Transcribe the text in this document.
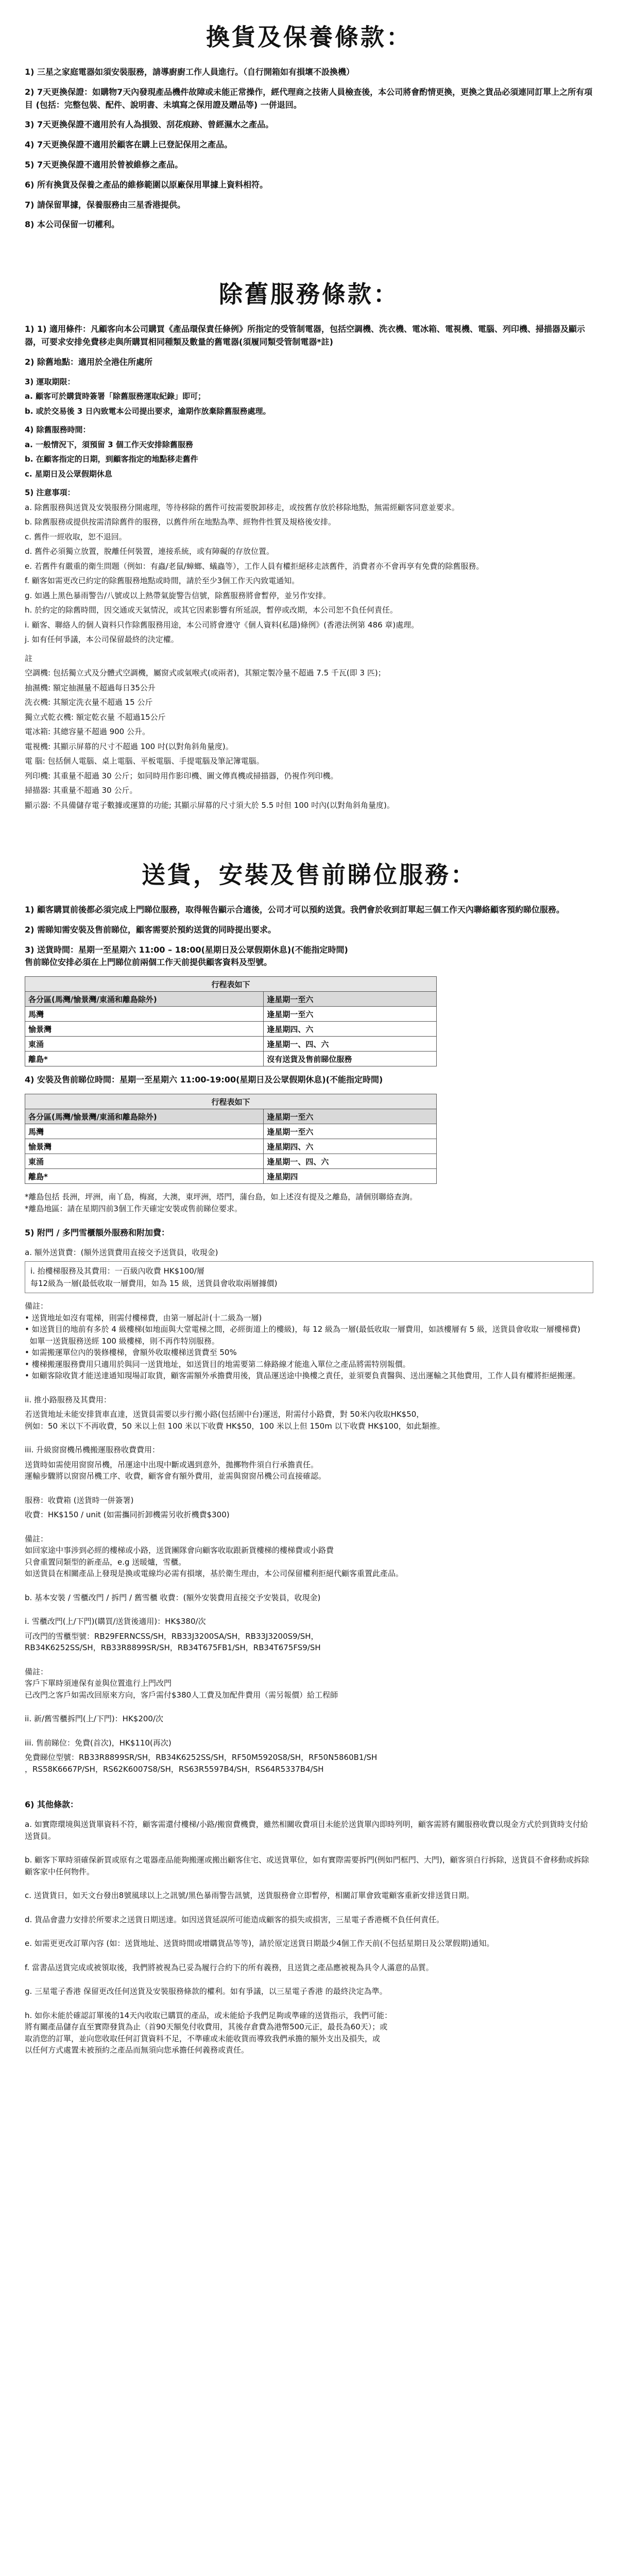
換貨及保養條款：

1) 三星之家庭電器如須安裝服務，請導廚廚工作人員進行。（自行開箱如有損壞不設換機）

2) 7天更換保證：如購物7天內發現產品機件故障或未能正常操作，經代理商之技術人員檢查後，本公司將會酌情更換，更換之貨品必須連同訂單上之所有項目 (包括：完整包裝、配件、說明書、未填寫之保用證及贈品等) 一併退回。

3) 7天更換保證不適用於有人為損毀、刮花痕跡、曾經濕水之產品。

4) 7天更換保證不適用於顧客在購上已登記保用之產品。

5) 7天更換保證不適用於曾被維修之產品。

6) 所有換貨及保養之產品的維修範圍以原廠保用單據上資料相符。

7) 請保留單據，保養服務由三星香港提供。

8) 本公司保留一切權利。

除舊服務條款：

1) 1) 適用條件：凡顧客向本公司購買《產品環保責任條例》所指定的受管制電器，包括空調機、洗衣機、電冰箱、電視機、電腦、列印機、掃描器及顯示器，可要求安排免費移走與所購買相同種類及數量的舊電器(須履同類受管制電器*註)

2) 除舊地點：適用於全港住所處所

3) 運取期限：

a. 顧客可於購貨時簽署「除舊服務運取紀錄」即可；

b. 或於交易後 3 日內致電本公司提出要求，逾期作放棄除舊服務處理。

4) 除舊服務時間：

a. 一般情況下，須預留 3 個工作天安排除舊服務

b. 在顧客指定的日期，到顧客指定的地點移走舊件

c. 星期日及公眾假期休息

5) 注意事項：

a. 除舊服務與送貨及安裝服務分開處理，等待移除的舊件可按需要脫卸移走，或按舊存放於移除地點，無需經顧客同意並要求。

b. 除舊服務或提供按需清除舊件的服務，以舊件所在地點為準、經物件性質及規格後安排。

c. 舊件一經收取，恕不退回。

d. 舊件必須獨立放置，脫離任何裝置，連接系統，或有障礙的存放位置。

e. 若舊件有嚴重的衛生問題（例如：有蟲/老鼠/蟑螂、蟻蟲等），工作人員有權拒絕移走該舊件，消費者亦不會再享有免費的除舊服務。

f. 顧客如需更改已約定的除舊服務地點或時間，請於至少3個工作天內致電通知。

g. 如遇上黑色暴雨警告/八號或以上熱帶氣旋警告信號，除舊服務將會暫停，並另作安排。

h. 於約定的除舊時間，因交通或天氣情況，或其它因素影響有所延誤，暫停或改期，本公司恕不負任何責任。

i. 顧客、聯絡人的個人資料只作除舊服務用途，本公司將會遵守《個人資料(私隱)條例》(香港法例第 486 章)處理。

j. 如有任何爭議，本公司保留最終的決定權。

註

空調機: 包括獨立式及分體式空調機，屬窗式或氣喉式(或兩者)，其額定製冷量不超過 7.5 千瓦(即 3 匹)；

抽濕機: 額定抽濕量不超過每日35公升

洗衣機: 其額定洗衣量不超過 15 公斤

獨立式乾衣機: 額定乾衣量 不超過15公斤

電冰箱: 其總容量不超過 900 公升。

電視機: 其顯示屏幕的尺寸不超過 100 吋(以對角斜角量度)。

電 腦: 包括個人電腦、桌上電腦、平板電腦、手提電腦及筆記簿電腦。

列印機: 其重量不超過 30 公斤；如同時用作影印機、圖文傳真機或掃描器，仍視作列印機。

掃描器: 其重量不超過 30 公斤。

顯示器: 不具備儲存電子數據或運算的功能; 其顯示屏幕的尺寸須大於 5.5 吋但 100 吋內(以對角斜角量度)。

送貨，安裝及售前睇位服務：

1) 顧客購買前後都必須完成上門睇位服務，取得報告顯示合適後，公司才可以預約送貨。我們會於收到訂單起三個工作天內聯絡顧客預約睇位服務。

2) 需睇知需安裝及售前睇位，顧客需要於預約送貨的同時提出要求。

3) 送貨時間：星期一至星期六 11:00 – 18:00(星期日及公眾假期休息)(不能指定時間)
售前睇位安排必須在上門睇位前兩個工作天前提供顧客資料及型號。

行程表如下	
各分區(馬灣/愉景灣/東涌和離島除外)	逢星期一至六
馬灣	逢星期一至六
愉景灣	逢星期四、六
東涌	逢星期一、四、六
離島*	沒有送貨及售前睇位服務

4) 安裝及售前睇位時間：星期一至星期六 11:00-19:00(星期日及公眾假期休息)(不能指定時間)

行程表如下	
各分區(馬灣/愉景灣/東涌和離島除外)	逢星期一至六
馬灣	逢星期一至六
愉景灣	逢星期四、六
東涌	逢星期一、四、六
離島*	逢星期四

*離島包括 長洲，坪洲，南丫島，梅窩，大澳，東坪洲，塔門，蒲台島，如上述沒有提及之離島，請個別聯絡查詢。
*離島地區：請在星期四前3個工作天確定安裝或售前睇位要求。

5) 附門 / 多門雪櫃額外服務和附加費：

a. 額外送貨費：(額外送貨費用直接交予送貨員，收現金)

i. 抬樓梯服務及其費用：一百級內收費 HK$100/層
每12級為一層(最低收取一層費用，如為 15 級，送貨員會收取兩層據價)

備註：
• 送貨地址如沒有電梯，則需付樓梯費，由第一層起計(十二級為一層)
• 如送貨目的地前有多於 4 級樓梯(如地面與大堂電梯之間，必經街道上的樓級)，每 12 級為一層(最低收取一層費用，如該樓層有 5 級，送貨員會收取一層樓梯費)
如單一送貨服務送經 100 級樓梯，則不再作特別服務。
• 如需搬運單位內的裝修樓梯，會額外收取樓梯送貨費至 50%
• 樓梯搬運服務費用只適用於與同一送貨地址，如送貨目的地需要第二條路線才能進入單位之產品將需特別報價。
• 如顧客除收貨才能送達通知現場訂取貨，顧客需額外承擔費用後，貨品運送途中換樓之責任，並須要負責醫與、送出運輸之其他費用，工作人員有權將拒絕搬運。

ii. 推小路服務及其費用：

若送貨地址未能安排貨車直達，送貨員需要以步行搬小路(包括園中台)運送，附需付小路費，對 50米內收取HK$50，
例如：50 米以下不再收費，50 米以上但 100 米以下收費 HK$50，100 米以上但 150m 以下收費 HK$100，如此類推。

iii. 升級窗窗機吊機搬運服務收費費用：

送貨時如需使用窗窗吊機，吊運途中出現中斷或遇到意外，拋擲物件須自行承擔責任。
運輸步驟將以窗窗吊機工序、收費，顧客會有額外費用，並需與窗窗吊機公司直接確認。

服務：收費箱 (送貨時一併簽署)

收費：HK$150 / unit (如需攜同折卸機需另收折機費$300)

備註：
如回家途中事涉到必經的樓梯或小路，送貨團隊會向顧客收取跟新貨樓梯的樓梯費或小路費
只會重置同類型的新產品，e.g 送暖爐，雪櫃。
如送貨員在相關產品上發現是換或電線均必需有損壞，基於衛生理由，本公司保留權利拒絕代顧客重置此產品。

b. 基本安裝 / 雪櫃改門 / 拆門 / 舊雪櫃 收費：(額外安裝費用直接交予安裝員，收現金)

i. 雪櫃改門(上/下門)(購買/送貨後適用)：HK$380/次

可改門的雪櫃型號：RB29FERNCSS/SH，RB33J3200SA/SH，RB33J3200S9/SH，
RB34K6252SS/SH，RB33R8899SR/SH，RB34T675FB1/SH，RB34T675FS9/SH

備註：
客戶下單時須連保有並與位置進行上門改門
已改門之客戶如需改回原來方向，客戶需付$380人工費及加配件費用（需另報價）給工程師

ii. 新/舊雪櫃拆門(上/下門)：HK$200/次

iii. 售前睇位：免費(首次)，HK$110(再次)

免費睇位型號：RB33R8899SR/SH，RB34K6252SS/SH，RF50M5920S8/SH，RF50N5860B1/SH
，RS58K6667P/SH，RS62K6007S8/SH，RS63R5597B4/SH，RS64R5337B4/SH

6) 其他條款：

a. 如實際環境與送貨單資料不符，顧客需還付樓梯/小路/搬窗費機費，雖然相關收費項目未能於送貨單內即時列明，顧客需將有關服務收費以現金方式於到貨時支付給送貨員。

b. 顧客下單時須確保新買或原有之電器產品能夠搬運或搬出顧客住宅、或送貨單位，如有實際需要拆門(例如門框門、大門)，顧客須自行拆除，送貨員不會移動或拆除顧客家中任何物件。

c. 送貨貨日，如天文台發出8號風球以上之訊號/黑色暴雨警告訊號，送貨服務會立即暫停，相關訂單會致電顧客重新安排送貨日期。

d. 貨品會盡力安排於所要求之送貨日期送達。如因送貨延誤所可能造成顧客的損失或損害，三星電子香港概不負任何責任。

e. 如需更更改訂單內容 (如：送貨地址、送貨時間或增購貨品等等)，請於原定送貨日期最少4個工作天前(不包括星期日及公眾假期)通知。

f. 當書品送貨完成或被領取後，我們將被視為已妥為履行合約下的所有義務，且送貨之產品應被視為具令人滿意的品質。

g. 三星電子香港 保留更改任何送貨及安裝服務條款的權利。如有爭議，以三星電子香港 的最終決定為準。

h. 如你未能於確認訂單後的14天內收取已購買的產品，或未能給予我們足夠或準確的送貨指示，我們可能：
將有關產品儲存直至實際發貨為止（首90天額免付收費用，其後存倉費為港幣500元正，最長為60天）；或
取消您的訂單，並向您收取任何訂貨資料不足，不準確或未能收貨而導致我們承擔的額外支出及損失，或
以任何方式處置未被預約之產品而無須向您承擔任何義務或責任。
